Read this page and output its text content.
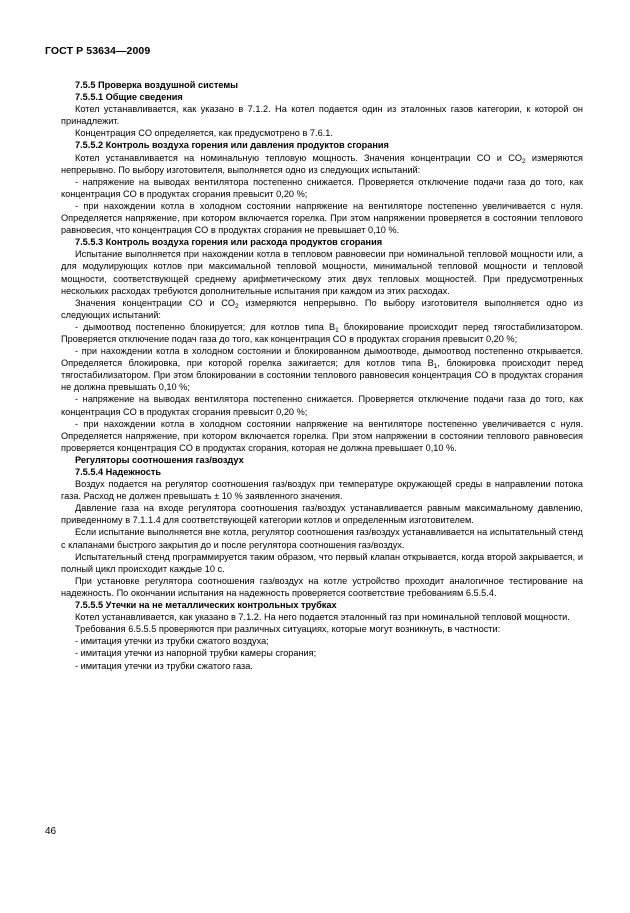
ГОСТ Р 53634—2009

7.5.5 Проверка воздушной системы

7.5.5.1 Общие сведения

Котел устанавливается, как указано в 7.1.2. На котел подается один из эталонных газов категории, к которой он принадлежит.

Концентрация CO определяется, как предусмотрено в 7.6.1.

7.5.5.2 Контроль воздуха горения или давления продуктов сгорания

Котел устанавливается на номинальную тепловую мощность. Значения концентрации CO и $CO_2$ измеряются непрерывно. По выбору изготовителя, выполняется одно из следующих испытаний:

- напряжение на выводах вентилятора постепенно снижается. Проверяется отключение подачи газа до того, как концентрация CO в продуктах сгорания превысит 0,20 %;

- при нахождении котла в холодном состоянии напряжение на вентиляторе постепенно увеличивается с нуля. Определяется напряжение, при котором включается горелка. При этом напряжении проверяется в состоянии теплового равновесия, что концентрация CO в продуктах сгорания не превышает 0,10 %.

7.5.5.3 Контроль воздуха горения или расхода продуктов сгорания

Испытание выполняется при нахождении котла в тепловом равновесии при номинальной тепловой мощности или, а для модулирующих котлов при максимальной тепловой мощности, минимальной тепловой мощности и тепловой мощности, соответствующей среднему арифметическому этих двух тепловых мощностей. При предусмотренных нескольких расходах требуются дополнительные испытания при каждом из этих расходах.

Значения концентрации CO и $CO_2$ измеряются непрерывно. По выбору изготовителя выполняется одно из следующих испытаний:

- дымоотвод постепенно блокируется; для котлов типа $B_1$ блокирование происходит перед тягостабилизатором. Проверяется отключение подач газа до того, как концентрация CO в продуктах сгорания превысит 0,20 %;

- при нахождении котла в холодном состоянии и блокированном дымоотводе, дымоотвод постепенно открывается. Определяется блокировка, при которой горелка зажигается; для котлов типа $B_1$, блокировка происходит перед тягостабилизатором. При этом блокировании в состоянии теплового равновесия концентрация CO в продуктах сгорания не должна превышать 0,10 %;

- напряжение на выводах вентилятора постепенно снижается. Проверяется отключение подачи газа до того, как концентрация CO в продуктах сгорания превысит 0,20 %;

- при нахождении котла в холодном состоянии напряжение на вентиляторе постепенно увеличивается с нуля. Определяется напряжение, при котором включается горелка. При этом напряжении в состоянии теплового равновесия проверяется концентрация CO в продуктах сгорания, которая не должна превышает 0,10 %.

Регуляторы соотношения газ/воздух

7.5.5.4 Надежность

Воздух подается на регулятор соотношения газ/воздух при температуре окружающей среды в направлении потока газа. Расход не должен превышать ± 10 % заявленного значения.

Давление газа на входе регулятора соотношения газ/воздух устанавливается равным максимальному давлению, приведенному в 7.1.1.4 для соответствующей категории котлов и определенным изготовителем.

Если испытание выполняется вне котла, регулятор соотношения газ/воздух устанавливается на испытательный стенд с клапанами быстрого закрытия до и после регулятора соотношения газ/воздух.

Испытательный стенд программируется таким образом, что первый клапан открывается, когда второй закрывается, и полный цикл происходит каждые 10 с.

При установке регулятора соотношения газ/воздух на котле устройство проходит аналогичное тестирование на надежность. По окончании испытания на надежность проверяется соответствие требованиям 6.5.5.4.

7.5.5.5 Утечки на не металлических контрольных трубках

Котел устанавливается, как указано в 7.1.2. На него подается эталонный газ при номинальной тепловой мощности.

Требования 6.5.5.5 проверяются при различных ситуациях, которые могут возникнуть, в частности:

- имитация утечки из трубки сжатого воздуха;

- имитация утечки из напорной трубки камеры сгорания;

- имитация утечки из трубки сжатого газа.

46
